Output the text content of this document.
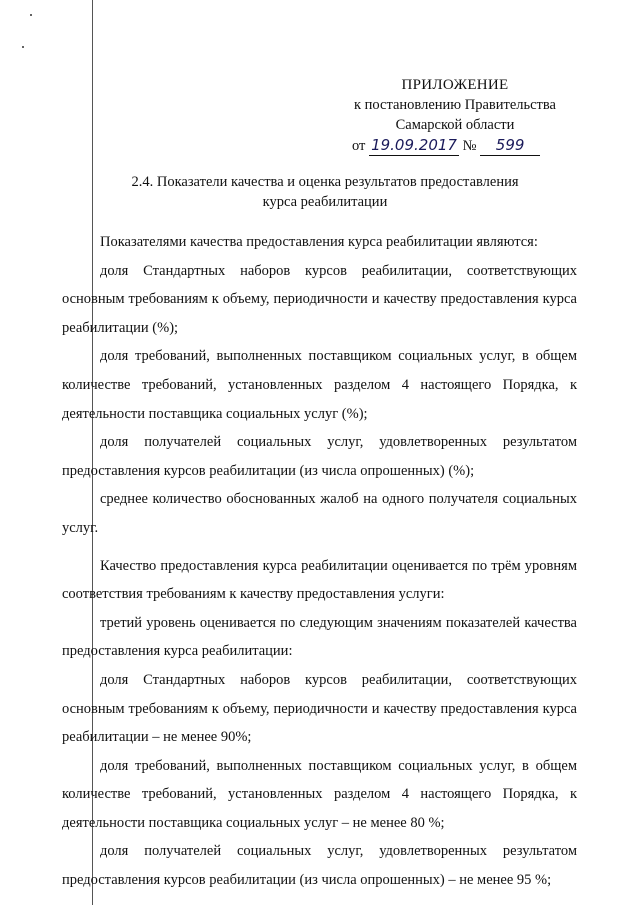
ПРИЛОЖЕНИЕ
к постановлению Правительства
Самарской области
от 19.09.2017 № 599
2.4. Показатели качества и оценка результатов предоставления
курса реабилитации

Показателями качества предоставления курса реабилитации являются:

доля Стандартных наборов курсов реабилитации, соответствующих основным требованиям к объему, периодичности и качеству предоставления курса реабилитации (%);

доля требований, выполненных поставщиком социальных услуг, в общем количестве требований, установленных разделом 4 настоящего Порядка, к деятельности поставщика социальных услуг (%);

доля получателей социальных услуг, удовлетворенных результатом предоставления курсов реабилитации (из числа опрошенных) (%);

среднее количество обоснованных жалоб на одного получателя социальных услуг.

Качество предоставления курса реабилитации оценивается по трём уровням соответствия требованиям к качеству предоставления услуги:

третий уровень оценивается по следующим значениям показателей качества предоставления курса реабилитации:

доля Стандартных наборов курсов реабилитации, соответствующих основным требованиям к объему, периодичности и качеству предоставления курса реабилитации – не менее 90%;

доля требований, выполненных поставщиком социальных услуг, в общем количестве требований, установленных разделом 4 настоящего Порядка, к деятельности поставщика социальных услуг – не менее 80 %;

доля получателей социальных услуг, удовлетворенных результатом предоставления курсов реабилитации (из числа опрошенных) – не менее 95 %;
